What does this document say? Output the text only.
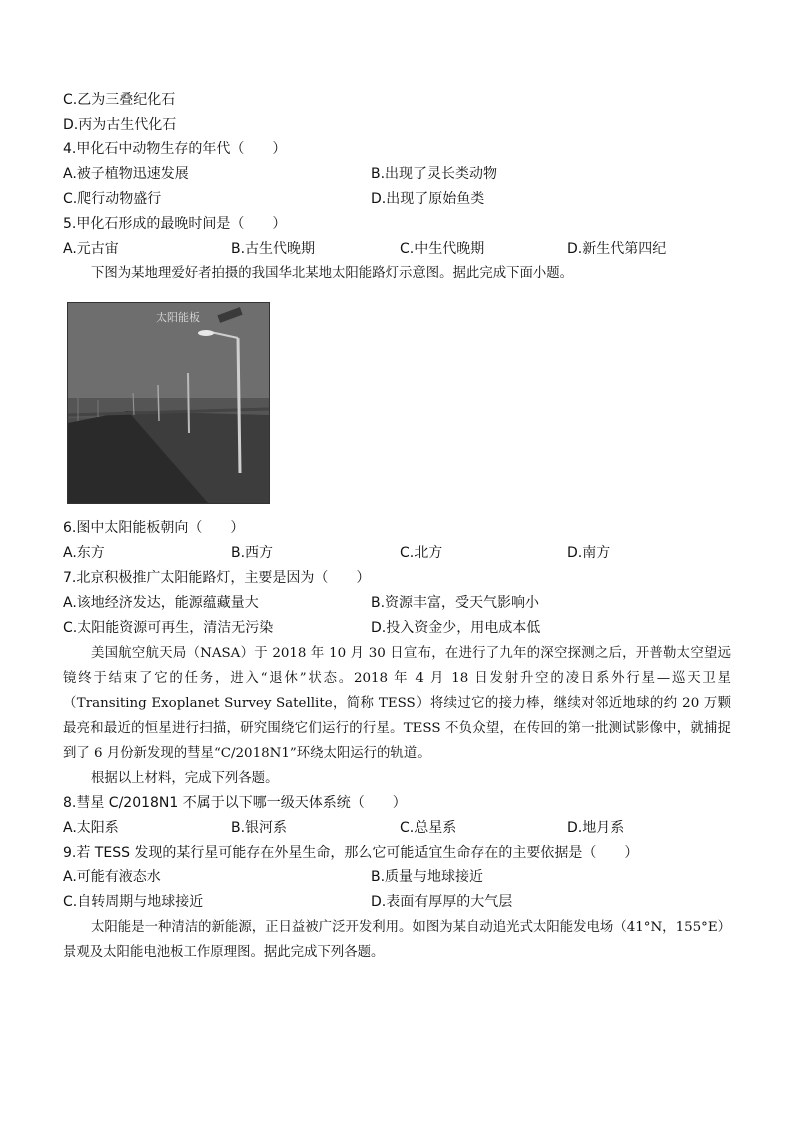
C.乙为三叠纪化石
D.丙为古生代化石
4.甲化石中动物生存的年代（　　）
A.被子植物迅速发展	B.出现了灵长类动物
C.爬行动物盛行	D.出现了原始鱼类
5.甲化石形成的最晚时间是（　　）
A.元古宙	B.古生代晚期	C.中生代晚期	D.新生代第四纪
下图为某地理爱好者拍摄的我国华北某地太阳能路灯示意图。据此完成下面小题。
太阳能板
6.图中太阳能板朝向（　　）
A.东方	B.西方	C.北方	D.南方
7.北京积极推广太阳能路灯，主要是因为（　　）
A.该地经济发达，能源蕴藏量大	B.资源丰富，受天气影响小
C.太阳能资源可再生，清洁无污染	D.投入资金少，用电成本低
美国航空航天局（NASA）于 2018 年 10 月 30 日宣布，在进行了九年的深空探测之后，开普勒太空望远镜终于结束了它的任务，进入“退休”状态。2018 年 4 月 18 日发射升空的凌日系外行星—巡天卫星（Transiting Exoplanet Survey Satellite，简称 TESS）将续过它的接力棒，继续对邻近地球的约 20 万颗最亮和最近的恒星进行扫描，研究围绕它们运行的行星。TESS 不负众望，在传回的第一批测试影像中，就捕捉到了 6 月份新发现的彗星“C/2018N1”环绕太阳运行的轨道。
根据以上材料，完成下列各题。
8.彗星 C/2018N1 不属于以下哪一级天体系统（　　）
A.太阳系	B.银河系	C.总星系	D.地月系
9.若 TESS 发现的某行星可能存在外星生命，那么它可能适宜生命存在的主要依据是（　　）
A.可能有液态水	B.质量与地球接近
C.自转周期与地球接近	D.表面有厚厚的大气层
太阳能是一种清洁的新能源，正日益被广泛开发利用。如图为某自动追光式太阳能发电场（41°N，155°E）景观及太阳能电池板工作原理图。据此完成下列各题。
